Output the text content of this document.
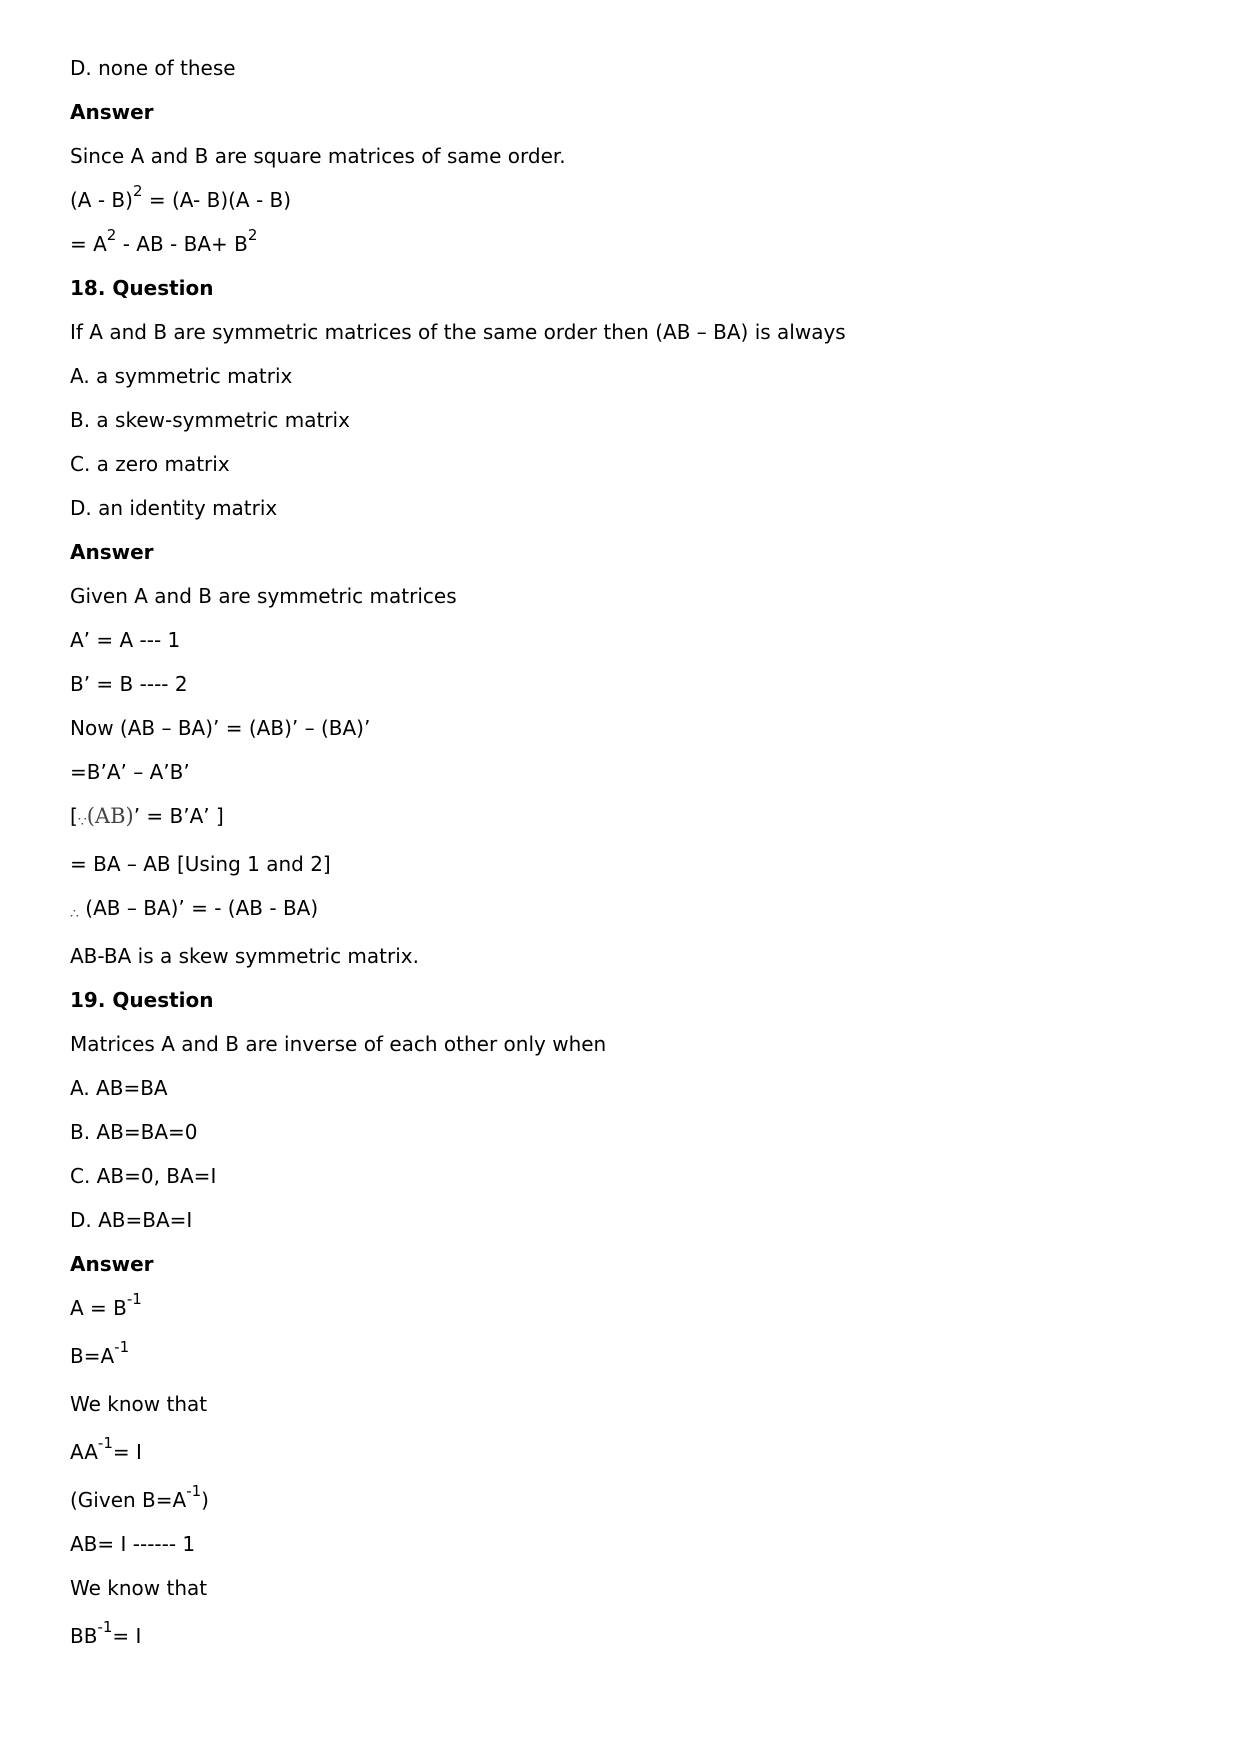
D. none of these
Answer
Since A and B are square matrices of same order.
(A - B)$^2$ = (A- B)(A - B)
= $A^2$ - AB - $BA+ B^2$
18. Question
If A and B are symmetric matrices of the same order then (AB – BA) is always
A. a symmetric matrix
B. a skew-symmetric matrix
C. a zero matrix
D. an identity matrix
Answer
Given A and B are symmetric matrices
A’ = A --- 1
B’ = B ---- 2
Now (AB – BA)’ = (AB)’ – (BA)’
=B’A’ – A’B’
[∵(AB)’ = B’A’ ]
= BA – AB [Using 1 and 2]
∴ (AB – BA)’ = - (AB - BA)
AB-BA is a skew symmetric matrix.
19. Question
Matrices A and B are inverse of each other only when
A. AB=BA
B. AB=BA=0
C. AB=0, BA=I
D. AB=BA=I
Answer
$A = B^{-1}$
$B=A^{-1}$
We know that
$AA^{-1}= I$
(Given $B=A^{-1}$)
AB= I ------ 1
We know that
$BB^{-1}= I$
